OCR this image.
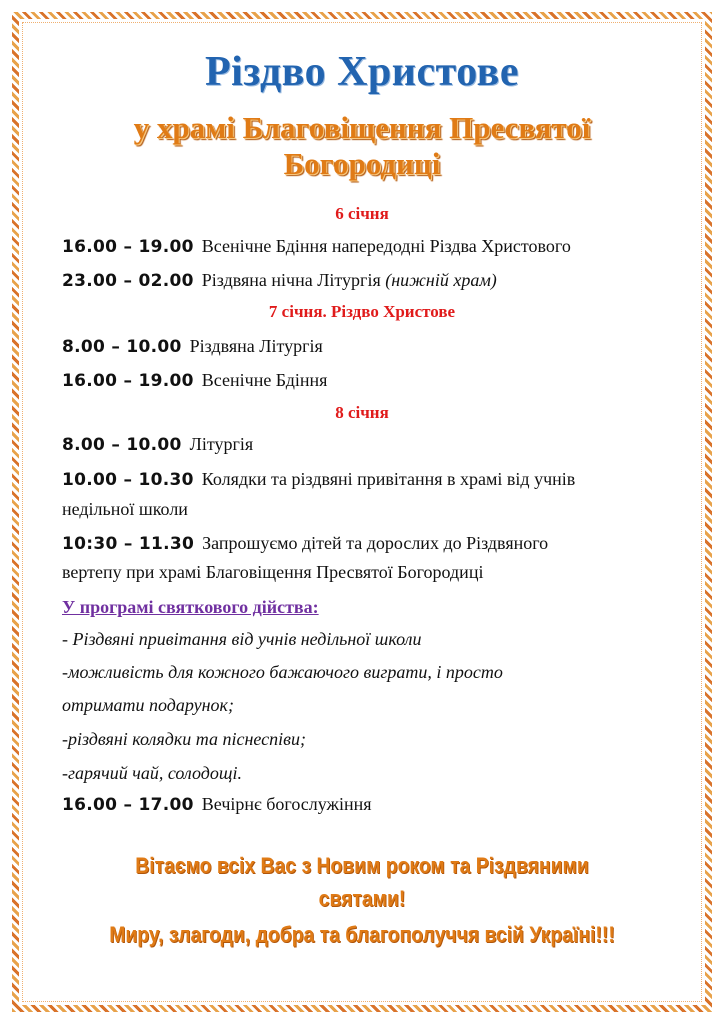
Різдво Христове
у храмі Благовіщення Пресвятої
Богородиці
6 січня
16.00 – 19.00 Всенічне Бдіння напередодні Різдва Христового
23.00 – 02.00 Різдвяна нічна Літургія (нижній храм)
7 січня. Різдво Христове
8.00 – 10.00 Різдвяна Літургія
16.00 – 19.00 Всенічне Бдіння
8 січня
8.00 – 10.00 Літургія
10.00 – 10.30 Колядки та різдвяні привітання в храмі від учнів
недільної школи
10:30 – 11.30 Запрошуємо дітей та дорослих до Різдвяного
вертепу при храмі Благовіщення Пресвятої Богородиці
У програмі святкового дійства:
- Різдвяні привітання від учнів недільної школи
-можливість для кожного бажаючого виграти, і просто
отримати подарунок;
-різдвяні колядки та піснеспіви;
-гарячий чай, солодощі.
16.00 – 17.00 Вечірнє богослужіння
Вітаємо всіх Вас з Новим роком та Різдвяними
святами!
Миру, злагоди, добра та благополуччя всій Україні!!!
